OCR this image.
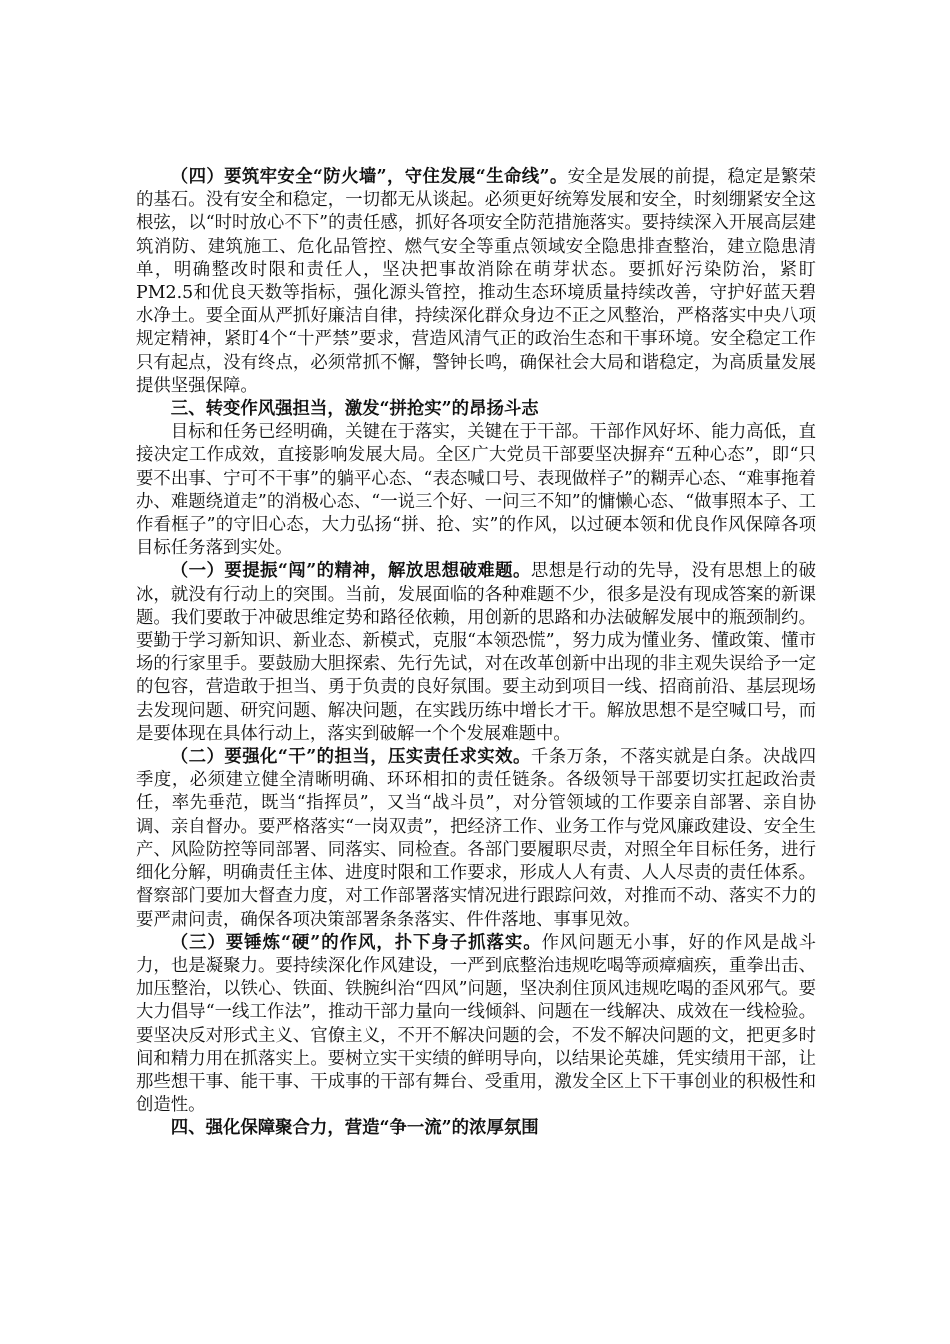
（四）要筑牢安全“防火墙”，守住发展“生命线”。安全是发展的前提，稳定是繁荣的基石。没有安全和稳定，一切都无从谈起。必须更好统筹发展和安全，时刻绷紧安全这根弦，以“时时放心不下”的责任感，抓好各项安全防范措施落实。要持续深入开展高层建筑消防、建筑施工、危化品管控、燃气安全等重点领域安全隐患排查整治，建立隐患清单，明确整改时限和责任人，坚决把事故消除在萌芽状态。要抓好污染防治，紧盯PM2.5和优良天数等指标，强化源头管控，推动生态环境质量持续改善，守护好蓝天碧水净土。要全面从严抓好廉洁自律，持续深化群众身边不正之风整治，严格落实中央八项规定精神，紧盯4个“十严禁”要求，营造风清气正的政治生态和干事环境。安全稳定工作只有起点，没有终点，必须常抓不懈，警钟长鸣，确保社会大局和谐稳定，为高质量发展提供坚强保障。

三、转变作风强担当，激发“拼抢实”的昂扬斗志

目标和任务已经明确，关键在于落实，关键在于干部。干部作风好坏、能力高低，直接决定工作成效，直接影响发展大局。全区广大党员干部要坚决摒弃“五种心态”，即“只要不出事、宁可不干事”的躺平心态、“表态喊口号、表现做样子”的糊弄心态、“难事拖着办、难题绕道走”的消极心态、“一说三个好、一问三不知”的慵懒心态、“做事照本子、工作看框子”的守旧心态，大力弘扬“拼、抢、实”的作风，以过硬本领和优良作风保障各项目标任务落到实处。

（一）要提振“闯”的精神，解放思想破难题。思想是行动的先导，没有思想上的破冰，就没有行动上的突围。当前，发展面临的各种难题不少，很多是没有现成答案的新课题。我们要敢于冲破思维定势和路径依赖，用创新的思路和办法破解发展中的瓶颈制约。要勤于学习新知识、新业态、新模式，克服“本领恐慌”，努力成为懂业务、懂政策、懂市场的行家里手。要鼓励大胆探索、先行先试，对在改革创新中出现的非主观失误给予一定的包容，营造敢于担当、勇于负责的良好氛围。要主动到项目一线、招商前沿、基层现场去发现问题、研究问题、解决问题，在实践历练中增长才干。解放思想不是空喊口号，而是要体现在具体行动上，落实到破解一个个发展难题中。

（二）要强化“干”的担当，压实责任求实效。千条万条，不落实就是白条。决战四季度，必须建立健全清晰明确、环环相扣的责任链条。各级领导干部要切实扛起政治责任，率先垂范，既当“指挥员”，又当“战斗员”，对分管领域的工作要亲自部署、亲自协调、亲自督办。要严格落实“一岗双责”，把经济工作、业务工作与党风廉政建设、安全生产、风险防控等同部署、同落实、同检查。各部门要履职尽责，对照全年目标任务，进行细化分解，明确责任主体、进度时限和工作要求，形成人人有责、人人尽责的责任体系。督察部门要加大督查力度，对工作部署落实情况进行跟踪问效，对推而不动、落实不力的要严肃问责，确保各项决策部署条条落实、件件落地、事事见效。

（三）要锤炼“硬”的作风，扑下身子抓落实。作风问题无小事，好的作风是战斗力，也是凝聚力。要持续深化作风建设，一严到底整治违规吃喝等顽瘴痼疾，重拳出击、加压整治，以铁心、铁面、铁腕纠治“四风”问题，坚决刹住顶风违规吃喝的歪风邪气。要大力倡导“一线工作法”，推动干部力量向一线倾斜、问题在一线解决、成效在一线检验。要坚决反对形式主义、官僚主义，不开不解决问题的会，不发不解决问题的文，把更多时间和精力用在抓落实上。要树立实干实绩的鲜明导向，以结果论英雄，凭实绩用干部，让那些想干事、能干事、干成事的干部有舞台、受重用，激发全区上下干事创业的积极性和创造性。

四、强化保障聚合力，营造“争一流”的浓厚氛围
